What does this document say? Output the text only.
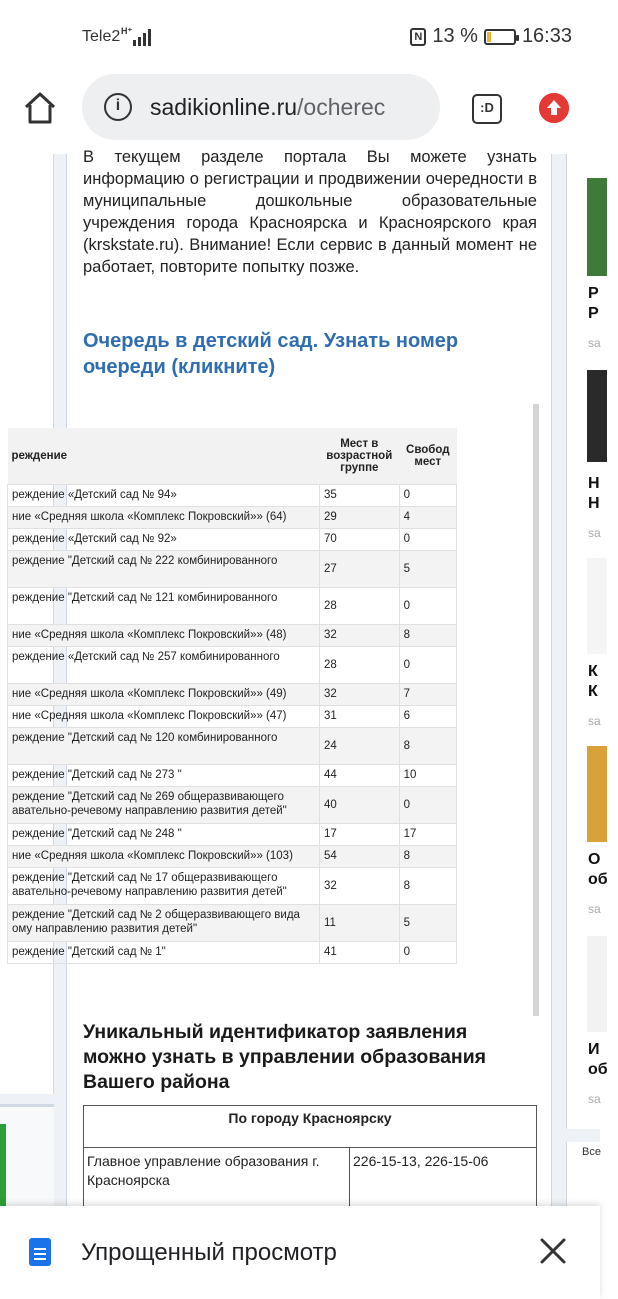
Tele2 H⁺	N 13 % 16:33
i	sadikionline.ru/ocherec	:D

В текущем разделе портала Вы можете узнать информацию о регистрации и продвижении очередности в муниципальные дошкольные образовательные учреждения города Красноярска и Красноярского края (krskstate.ru). Внимание! Если сервис в данный момент не работает, повторите попытку позже.

Очередь в детский сад. Узнать номер очереди (кликните)
реждение	Мест в возрастной группе	Свобод мест
реждение «Детский сад № 94»	35	0
ние «Средняя школа «Комплекс Покровский»» (64)	29	4
реждение «Детский сад № 92»	70	0
реждение "Детский сад № 222 комбинированного	27	5
реждение "Детский сад № 121 комбинированного	28	0
ние «Средняя школа «Комплекс Покровский»» (48)	32	8
реждение «Детский сад № 257 комбинированного	28	0
ние «Средняя школа «Комплекс Покровский»» (49)	32	7
ние «Средняя школа «Комплекс Покровский»» (47)	31	6
реждение "Детский сад № 120 комбинированного	24	8
реждение "Детский сад № 273 "	44	10
реждение "Детский сад № 269 общеразвивающего
авательно-речевому направлению развития детей"	40	0
реждение "Детский сад № 248 "	17	17
ние «Средняя школа «Комплекс Покровский»» (103)	54	8
реждение "Детский сад № 17 общеразвивающего
авательно-речевому направлению развития детей"	32	8
реждение "Детский сад № 2 общеразвивающего вида
ому направлению развития детей"	11	5
реждение "Детский сад № 1"	41	0
Уникальный идентификатор заявления можно узнать в управлении образования Вашего района
По городу Красноярску
Главное управление образования г. Красноярска	226-15-13, 226-15-06
Р
Р
sa
Н
Н
sa
К
К
sa
О
об
sa
И
об
sa
Все
Упрощенный просмотр
